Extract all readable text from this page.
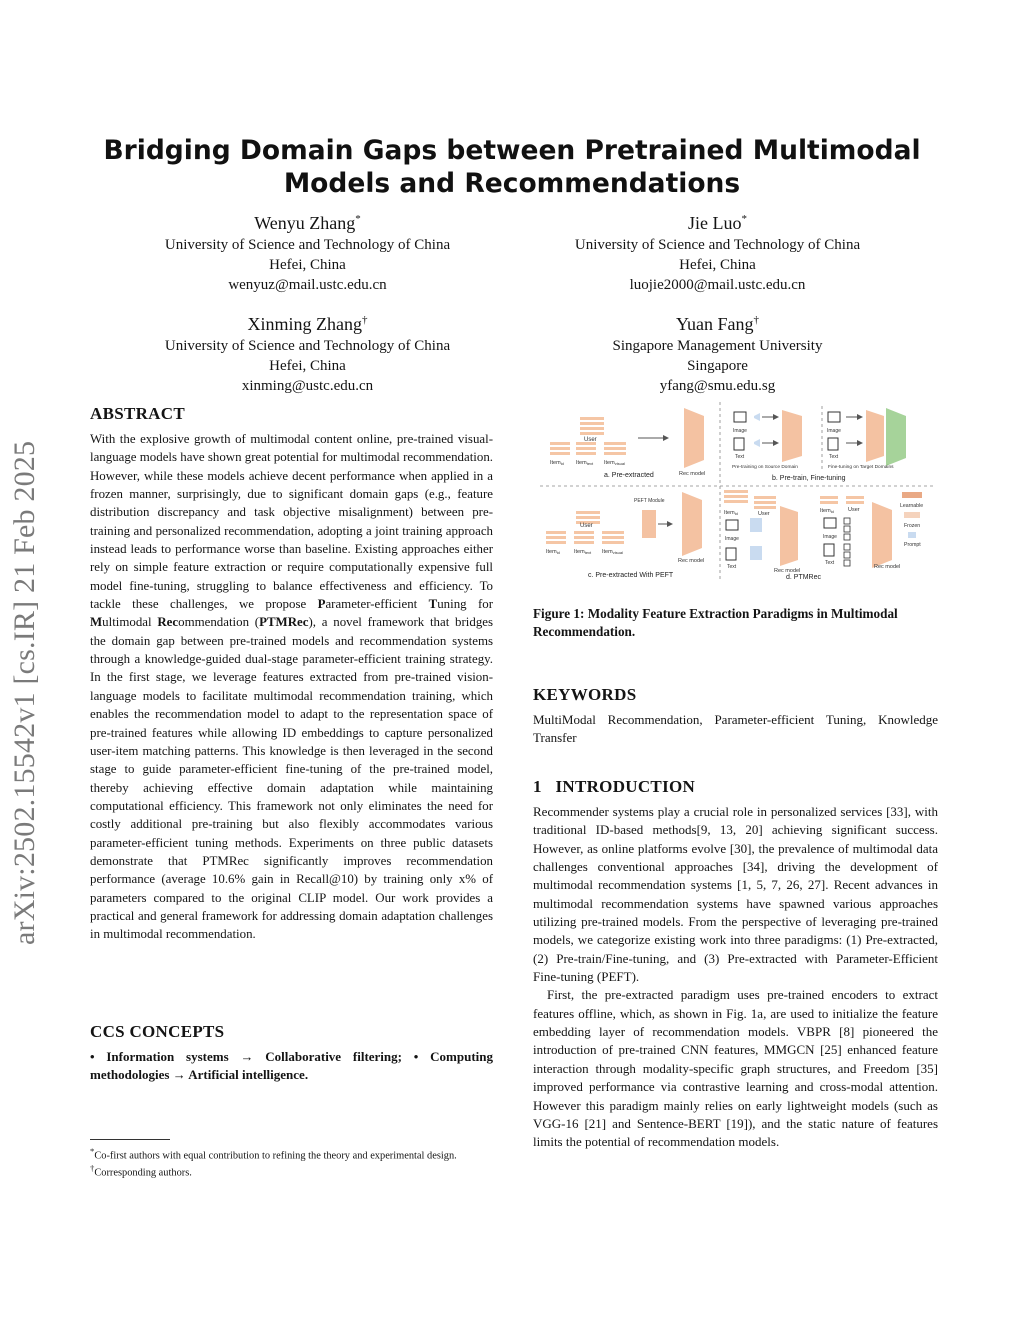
arXiv:2502.15542v1 [cs.IR] 21 Feb 2025
Bridging Domain Gaps between Pretrained Multimodal Models and Recommendations
Wenyu Zhang*
University of Science and Technology of China
Hefei, China
wenyuz@mail.ustc.edu.cn
Jie Luo*
University of Science and Technology of China
Hefei, China
luojie2000@mail.ustc.edu.cn
Xinming Zhang†
University of Science and Technology of China
Hefei, China
xinming@ustc.edu.cn
Yuan Fang†
Singapore Management University
Singapore
yfang@smu.edu.sg
ABSTRACT

With the explosive growth of multimodal content online, pre-trained visual-language models have shown great potential for multimodal recommendation. However, while these models achieve decent performance when applied in a frozen manner, surprisingly, due to significant domain gaps (e.g., feature distribution discrepancy and task objective misalignment) between pre-training and personalized recommendation, adopting a joint training approach instead leads to performance worse than baseline. Existing approaches either rely on simple feature extraction or require computationally expensive full model fine-tuning, struggling to balance effectiveness and efficiency. To tackle these challenges, we propose Parameter-efficient Tuning for Multimodal Recommendation (PTMRec), a novel framework that bridges the domain gap between pre-trained models and recommendation systems through a knowledge-guided dual-stage parameter-efficient training strategy. In the first stage, we leverage features extracted from pre-trained vision-language models to facilitate multimodal recommendation training, which enables the recommendation model to adapt to the representation space of pre-trained features while allowing ID embeddings to capture personalized user-item matching patterns. This knowledge is then leveraged in the second stage to guide parameter-efficient fine-tuning of the pre-trained model, thereby achieving effective domain adaptation while maintaining computational efficiency. This framework not only eliminates the need for costly additional pre-training but also flexibly accommodates various parameter-efficient tuning methods. Experiments on three public datasets demonstrate that PTMRec significantly improves recommendation performance (average 10.6% gain in Recall@10) by training only x% of parameters compared to the original CLIP model. Our work provides a practical and general framework for addressing domain adaptation challenges in multimodal recommendation.

CCS CONCEPTS
• Information systems → Collaborative filtering; • Computing methodologies → Artificial intelligence.
*Co-first authors with equal contribution to refining the theory and experimental design.
†Corresponding authors.
User
Itemid Itemtext Itemvisual
Rec model
a. Pre-extracted
Image
Text
Pre-training on Source Domain
Image
Text
Fine-tuning on Target Domains
b. Pre-train, Fine-tuning
User
Itemid	Itemtext Itemvisual
PEFT Module
Rec model
c. Pre-extracted With PEFT
Itemid	User	Itemid	User
Image
Text
Rec model
Image
Text
Rec model
d. PTMRec
Learnable
Frozen
Prompt
Figure 1: Modality Feature Extraction Paradigms in Multimodal Recommendation.
KEYWORDS
MultiModal Recommendation, Parameter-efficient Tuning, Knowledge Transfer
1 INTRODUCTION

Recommender systems play a crucial role in personalized services [33], with traditional ID-based methods[9, 13, 20] achieving significant success. However, as online platforms evolve [30], the prevalence of multimodal data challenges conventional approaches [34], driving the development of multimodal recommendation systems [1, 5, 7, 26, 27]. Recent advances in multimodal recommendation systems have spawned various approaches utilizing pre-trained models. From the perspective of leveraging pre-trained models, we categorize existing work into three paradigms: (1) Pre-extracted, (2) Pre-train/Fine-tuning, and (3) Pre-extracted with Parameter-Efficient Fine-tuning (PEFT).

First, the pre-extracted paradigm uses pre-trained encoders to extract features offline, which, as shown in Fig. 1a, are used to initialize the feature embedding layer of recommendation models. VBPR [8] pioneered the introduction of pre-trained CNN features, MMGCN [25] enhanced feature interaction through modality-specific graph structures, and Freedom [35] improved performance via contrastive learning and cross-modal attention. However this paradigm mainly relies on early lightweight models (such as VGG-16 [21] and Sentence-BERT [19]), and the static nature of features limits the potential of recommendation models.
